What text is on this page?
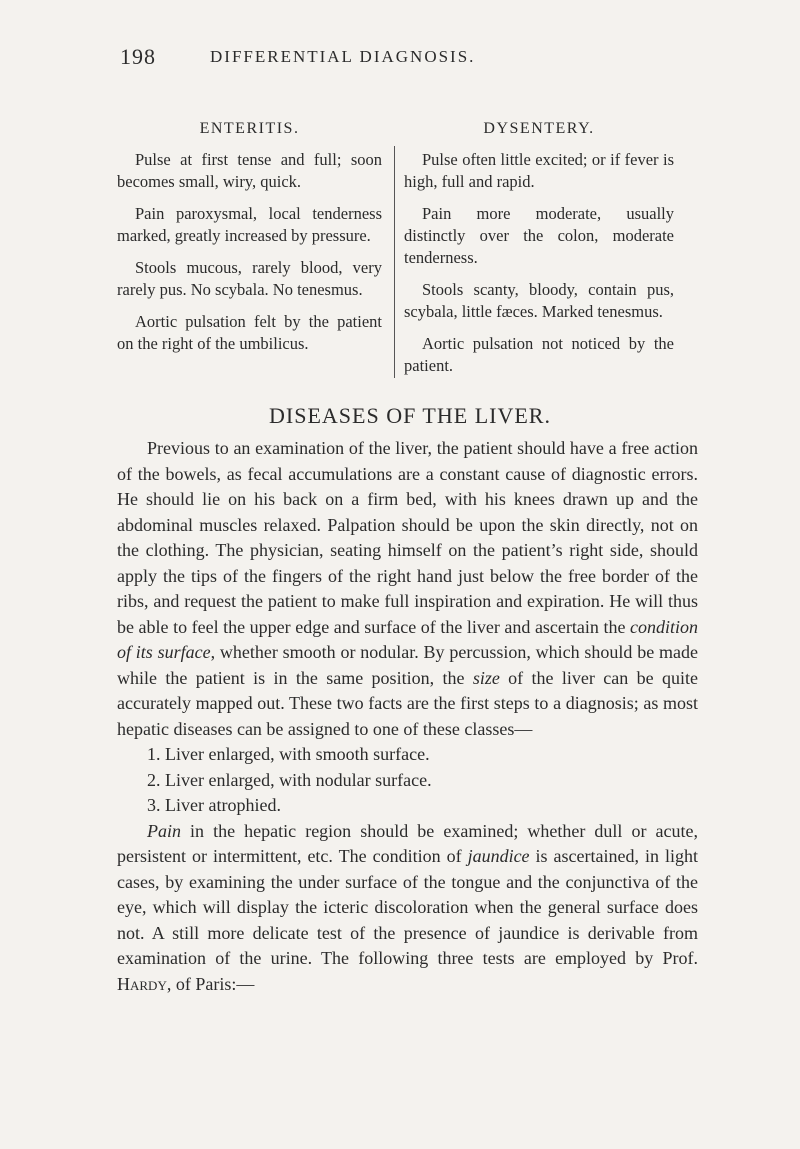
198	DIFFERENTIAL DIAGNOSIS.
ENTERITIS.

Pulse at first tense and full; soon becomes small, wiry, quick.

Pain paroxysmal, local tenderness marked, greatly increased by pressure.

Stools mucous, rarely blood, very rarely pus. No scybala. No tenesmus.

Aortic pulsation felt by the patient on the right of the umbilicus.

DYSENTERY.

Pulse often little excited; or if fever is high, full and rapid.

Pain more moderate, usually distinctly over the colon, moderate tenderness.

Stools scanty, bloody, contain pus, scybala, little fæces. Marked tenesmus.

Aortic pulsation not noticed by the patient.

DISEASES OF THE LIVER.

Previous to an examination of the liver, the patient should have a free action of the bowels, as fecal accumulations are a constant cause of diagnostic errors. He should lie on his back on a firm bed, with his knees drawn up and the abdominal muscles relaxed. Palpation should be upon the skin directly, not on the clothing. The physician, seating himself on the patient’s right side, should apply the tips of the fingers of the right hand just below the free border of the ribs, and request the patient to make full inspiration and expiration. He will thus be able to feel the upper edge and surface of the liver and ascertain the condition of its surface, whether smooth or nodular. By percussion, which should be made while the patient is in the same position, the size of the liver can be quite accurately mapped out. These two facts are the first steps to a diagnosis; as most hepatic diseases can be assigned to one of these classes—

1. Liver enlarged, with smooth surface.

2. Liver enlarged, with nodular surface.

3. Liver atrophied.

Pain in the hepatic region should be examined; whether dull or acute, persistent or intermittent, etc. The condition of jaundice is ascertained, in light cases, by examining the under surface of the tongue and the conjunctiva of the eye, which will display the icteric discoloration when the general surface does not. A still more delicate test of the presence of jaundice is derivable from examination of the urine. The following three tests are employed by Prof. Hardy, of Paris:—
